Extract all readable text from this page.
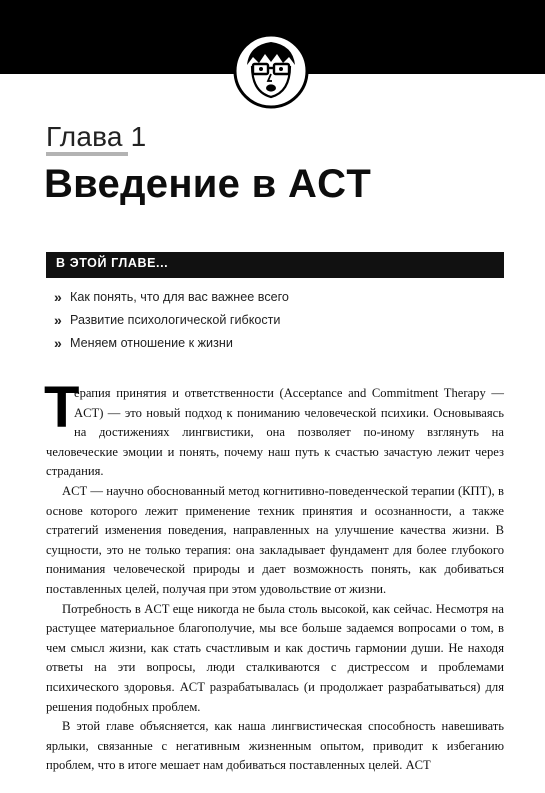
Глава 1
Введение в ACT
В ЭТОЙ ГЛАВЕ...
» Как понять, что для вас важнее всего
» Развитие психологической гибкости
» Меняем отношение к жизни
Т

ерапия принятия и ответственности (Acceptance and Commitment Therapy — ACT) — это новый подход к пониманию человеческой психики. Основываясь на достижениях лингвистики, она позволяет по-иному взглянуть на человеческие эмоции и понять, почему наш путь к счастью зачастую лежит через страдания.

ACT — научно обоснованный метод когнитивно-поведенческой терапии (КПТ), в основе которого лежит применение техник принятия и осознанности, а также стратегий изменения поведения, направленных на улучшение качества жизни. В сущности, это не только терапия: она закладывает фундамент для более глубокого понимания человеческой природы и дает возможность понять, как добиваться поставленных целей, получая при этом удовольствие от жизни.

Потребность в ACT еще никогда не была столь высокой, как сейчас. Несмотря на растущее материальное благополучие, мы все больше задаемся вопросами о том, в чем смысл жизни, как стать счастливым и как достичь гармонии души. Не находя ответы на эти вопросы, люди сталкиваются с дистрессом и проблемами психического здоровья. ACT разрабатывалась (и продолжает разрабатываться) для решения подобных проблем.

В этой главе объясняется, как наша лингвистическая способность навешивать ярлыки, связанные с негативным жизненным опытом, приводит к избеганию проблем, что в итоге мешает нам добиваться поставленных целей. ACT
